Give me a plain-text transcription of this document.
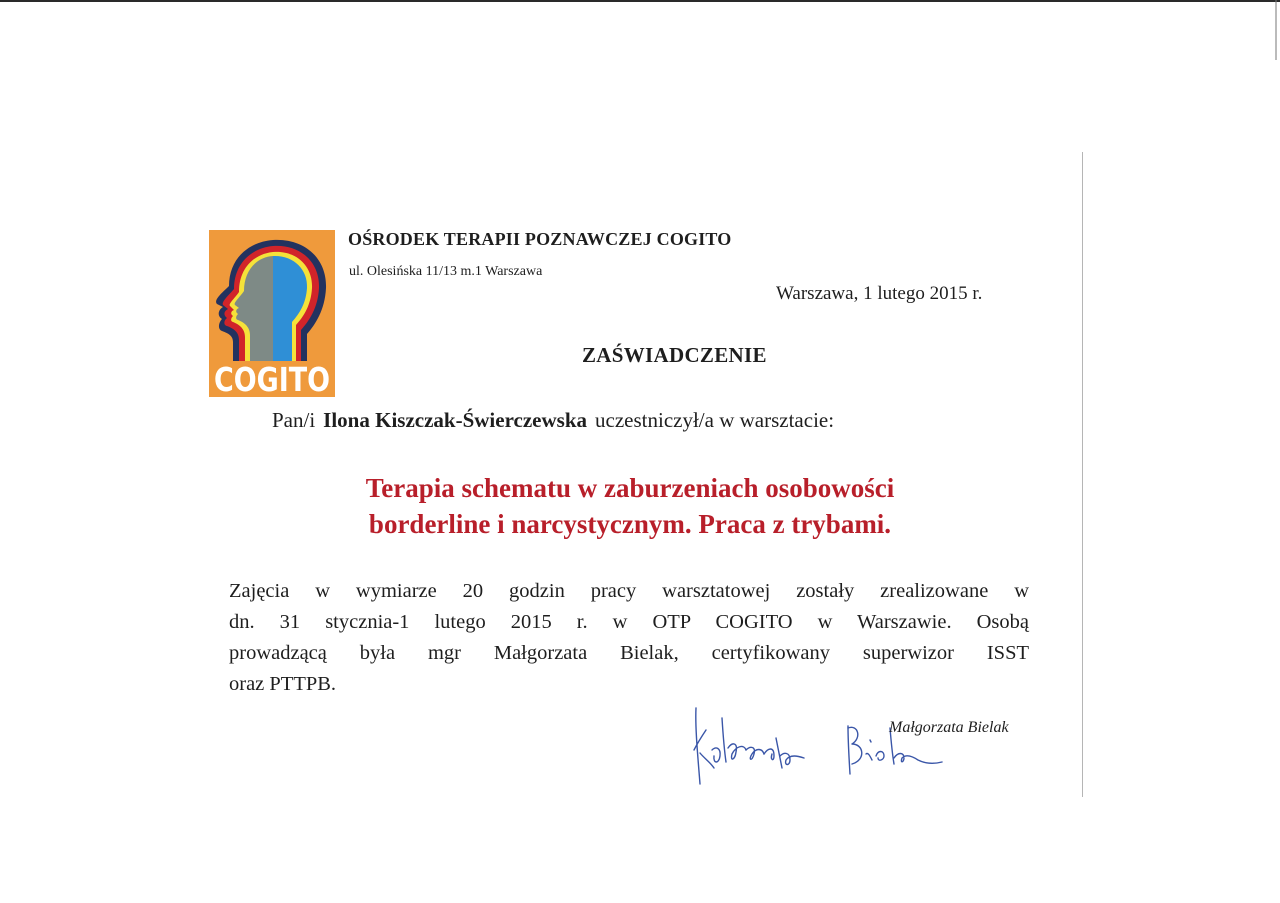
COGITO
OŚRODEK TERAPII POZNAWCZEJ COGITO
ul. Olesińska 11/13 m.1 Warszawa
Warszawa, 1 lutego 2015 r.
ZAŚWIADCZENIE
Pan/i Ilona Kiszczak-Świerczewska uczestniczył/a w warsztacie:
Terapia schematu w zaburzeniach osobowości
borderline i narcystycznym. Praca z trybami.
Zajęcia w wymiarze 20 godzin pracy warsztatowej zostały zrealizowane w
dn. 31 stycznia-1 lutego 2015 r. w OTP COGITO w Warszawie. Osobą
prowadzącą była mgr Małgorzata Bielak, certyfikowany superwizor ISST
oraz PTTPB.
Małgorzata Bielak
